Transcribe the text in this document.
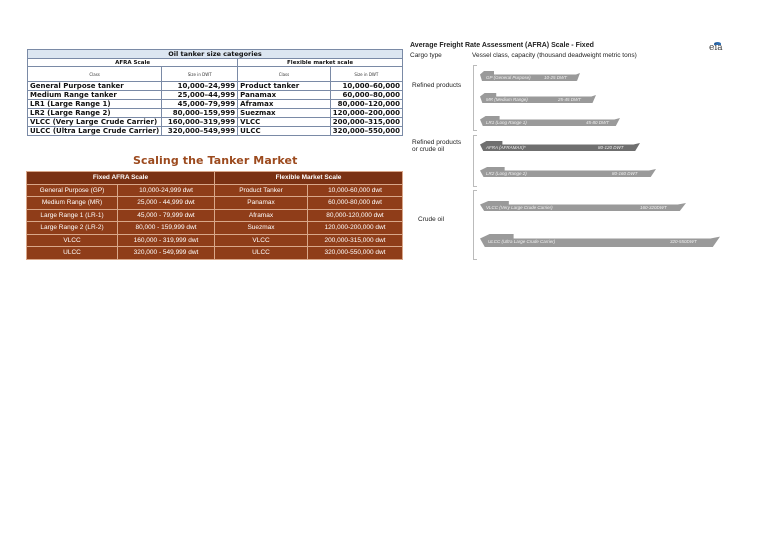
Oil tanker size categories			
AFRA Scale		Flexible market scale	
Class	Size in DWT	Class	Size in DWT
General Purpose tanker	10,000–24,999	Product tanker	10,000–60,000
Medium Range tanker	25,000–44,999	Panamax	60,000–80,000
LR1 (Large Range 1)	45,000–79,999	Aframax	80,000–120,000
LR2 (Large Range 2)	80,000–159,999	Suezmax	120,000–200,000
VLCC (Very Large Crude Carrier)	160,000–319,999	VLCC	200,000–315,000
ULCC (Ultra Large Crude Carrier)	320,000–549,999	ULCC	320,000–550,000
Scaling the Tanker Market
Fixed AFRA Scale		Flexible Market Scale	
General Purpose (GP)	10,000-24,999 dwt	Product Tanker	10,000-60,000 dwt
Medium Range (MR)	25,000 - 44,999 dwt	Panamax	60,000-80,000 dwt
Large Range 1 (LR-1)	45,000 - 79,999 dwt	Aframax	80,000-120,000 dwt
Large Range 2 (LR-2)	80,000 - 159,999 dwt	Suezmax	120,000-200,000 dwt
VLCC	160,000 - 319,999 dwt	VLCC	200,000-315,000 dwt
ULCC	320,000 - 549,999 dwt	ULCC	320,000-550,000 dwt
Average Freight Rate Assessment (AFRA) Scale - Fixed
Cargo type	Vessel class, capacity (thousand deadweight metric tons)
eia
Refined products
Refined products
or crude oil
Crude oil
GP (General Purpose)	10-25 DWT
MR (Medium Range)	25-45 DWT
LR1 (Long Range 1)	45-80 DWT
AFRA (AFRAMAX)*	80-120 DWT
LR2 (Long Range 2)	80-160 DWT
VLCC (Very Large Crude Carrier)	160-320DWT
ULCC (Ultra Large Crude Carrier)	320-550DWT
